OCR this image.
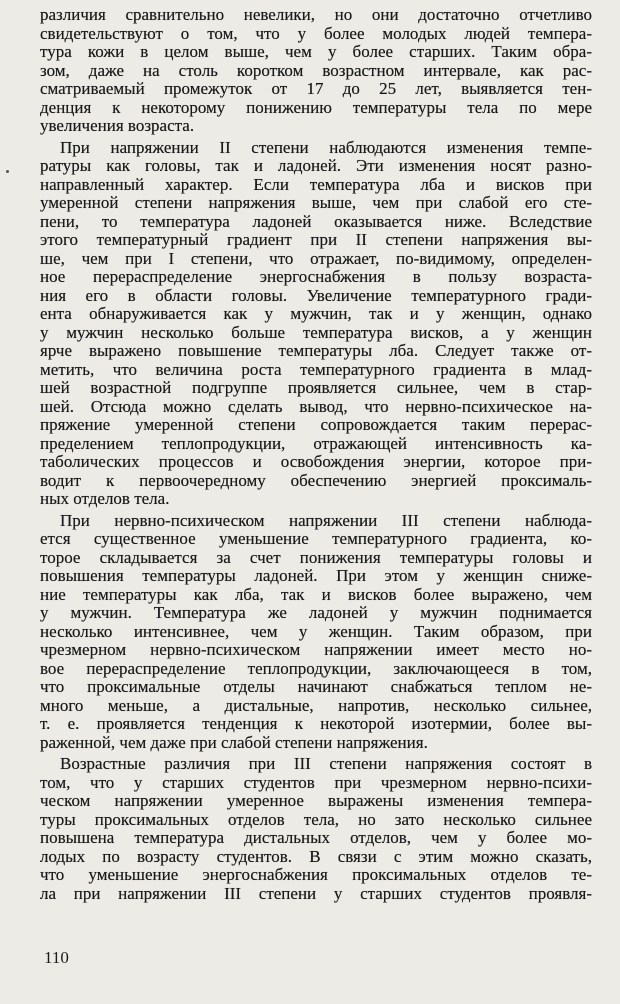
различия сравнительно невелики, но они достаточно отчетливо
свидетельствуют о том, что у более молодых людей темпера-
тура кожи в целом выше, чем у более старших. Таким обра-
зом, даже на столь коротком возрастном интервале, как рас-
сматриваемый промежуток от 17 до 25 лет, выявляется тен-
денция к некоторому понижению температуры тела по мере
увеличения возраста.
При напряжении II степени наблюдаются изменения темпе-
ратуры как головы, так и ладоней. Эти изменения носят разно-
направленный характер. Если температура лба и висков при
умеренной степени напряжения выше, чем при слабой его сте-
пени, то температура ладоней оказывается ниже. Вследствие
этого температурный градиент при II степени напряжения вы-
ше, чем при I степени, что отражает, по-видимому, определен-
ное перераспределение энергоснабжения в пользу возраста-
ния его в области головы. Увеличение температурного гради-
ента обнаруживается как у мужчин, так и у женщин, однако
у мужчин несколько больше температура висков, а у женщин
ярче выражено повышение температуры лба. Следует также от-
метить, что величина роста температурного градиента в млад-
шей возрастной подгруппе проявляется сильнее, чем в стар-
шей. Отсюда можно сделать вывод, что нервно-психическое на-
пряжение умеренной степени сопровождается таким перерас-
пределением теплопродукции, отражающей интенсивность ка-
таболических процессов и освобождения энергии, которое при-
водит к первоочередному обеспечению энергией проксималь-
ных отделов тела.
При нервно-психическом напряжении III степени наблюда-
ется существенное уменьшение температурного градиента, ко-
торое складывается за счет понижения температуры головы и
повышения температуры ладоней. При этом у женщин сниже-
ние температуры как лба, так и висков более выражено, чем
у мужчин. Температура же ладоней у мужчин поднимается
несколько интенсивнее, чем у женщин. Таким образом, при
чрезмерном нервно-психическом напряжении имеет место но-
вое перераспределение теплопродукции, заключающееся в том,
что проксимальные отделы начинают снабжаться теплом не-
много меньше, а дистальные, напротив, несколько сильнее,
т. е. проявляется тенденция к некоторой изотермии, более вы-
раженной, чем даже при слабой степени напряжения.
Возрастные различия при III степени напряжения состоят в
том, что у старших студентов при чрезмерном нервно-психи-
ческом напряжении умеренное выражены изменения темпера-
туры проксимальных отделов тела, но зато несколько сильнее
повышена температура дистальных отделов, чем у более мо-
лодых по возрасту студентов. В связи с этим можно сказать,
что уменьшение энергоснабжения проксимальных отделов те-
ла при напряжении III степени у старших студентов проявля-
110
